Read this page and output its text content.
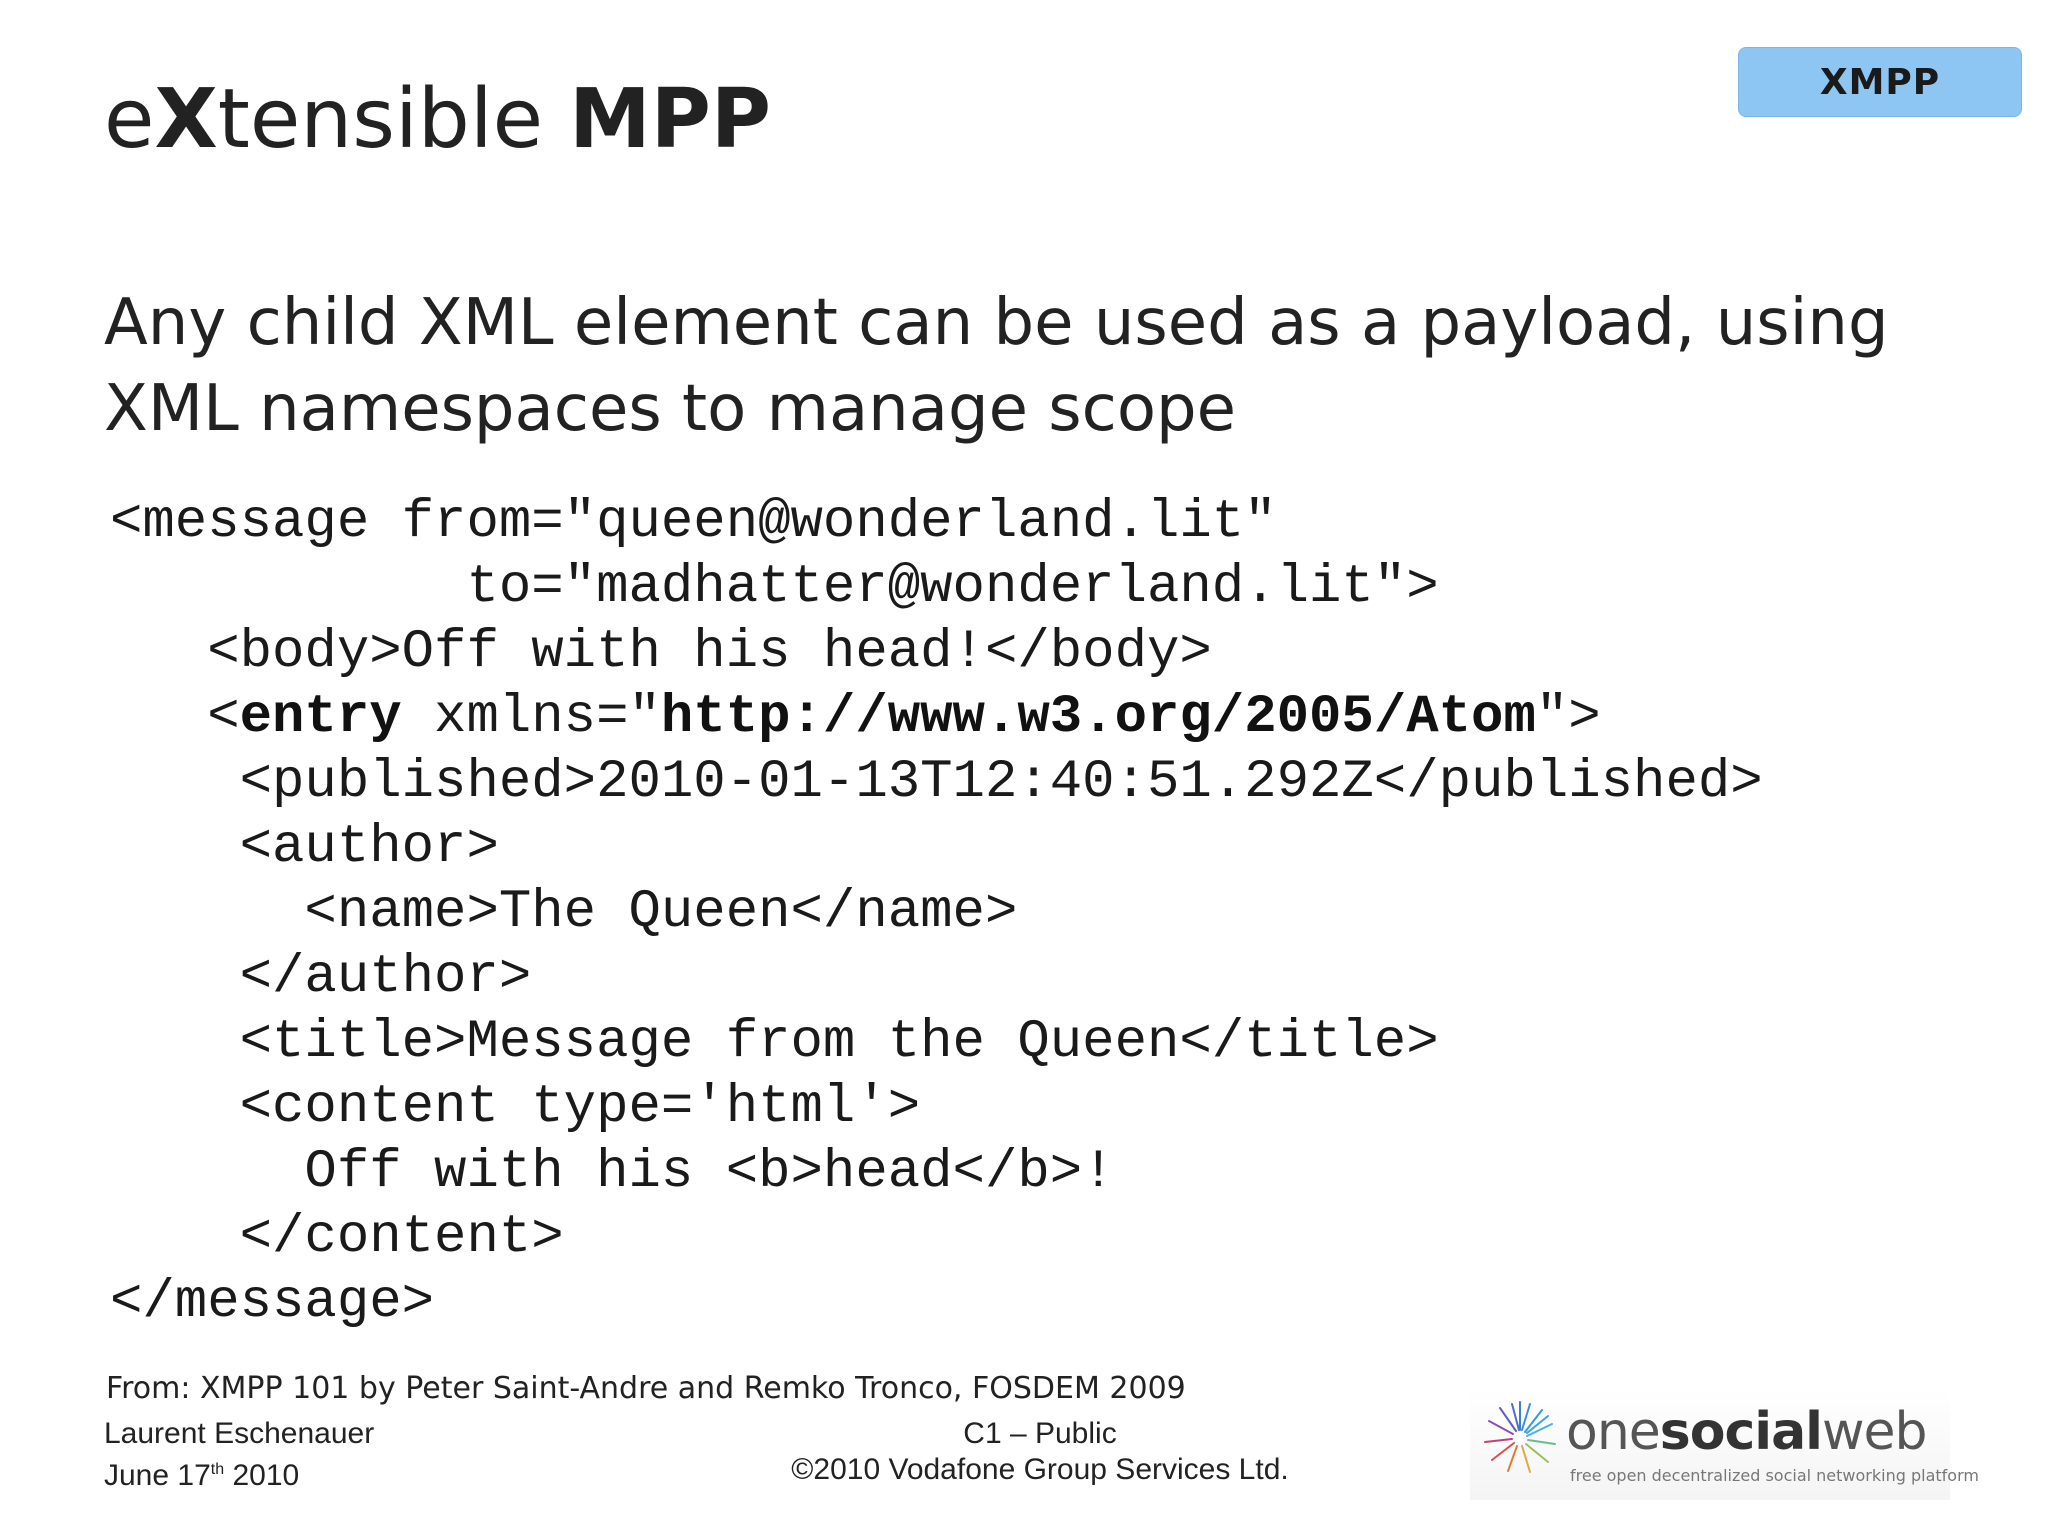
XMPP
eXtensible MPP
Any child XML element can be used as a payload, using
XML namespaces to manage scope
<message from="queen@wonderland.lit"
to="madhatter@wonderland.lit">
<body>Off with his head!</body>
<entry xmlns="http://www.w3.org/2005/Atom">
<published>2010-01-13T12:40:51.292Z</published>
<author>
<name>The Queen</name>
</author>
<title>Message from the Queen</title>
<content type='html'>
Off with his <b>head</b>!
</content>
</message>
From: XMPP 101 by Peter Saint-Andre and Remko Tronco, FOSDEM 2009
Laurent Eschenauer
June 17th 2010
C1 – Public
©2010 Vodafone Group Services Ltd.
onesocialweb
free open decentralized social networking platform
